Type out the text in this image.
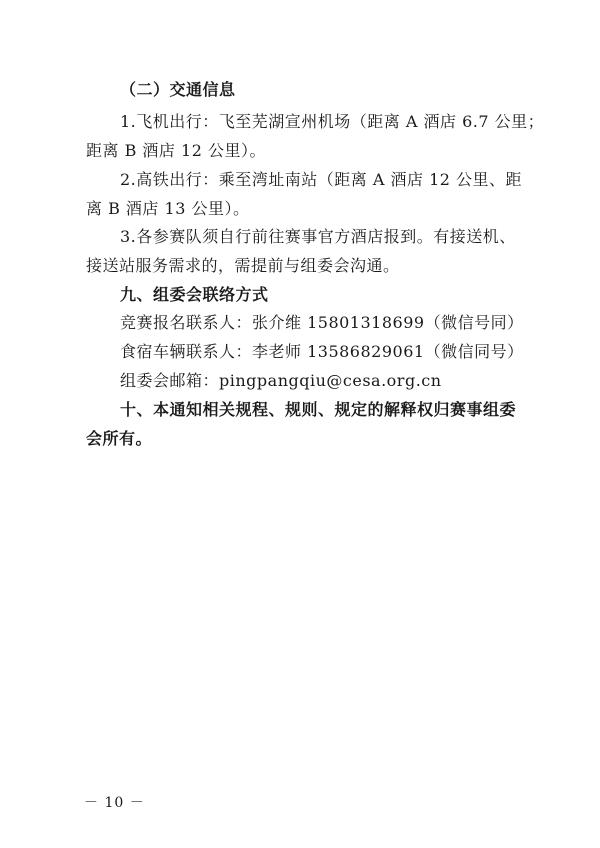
（二）交通信息
1.飞机出行：飞至芜湖宣州机场（距离 A 酒店 6.7 公里；
距离 B 酒店 12 公里）。
2.高铁出行：乘至湾址南站（距离 A 酒店 12 公里、距
离 B 酒店 13 公里）。
3.各参赛队须自行前往赛事官方酒店报到。有接送机、
接送站服务需求的，需提前与组委会沟通。
九、组委会联络方式
竞赛报名联系人：张介维 15801318699（微信号同）
食宿车辆联系人：李老师 13586829061（微信同号）
组委会邮箱：pingpangqiu@cesa.org.cn
十、本通知相关规程、规则、规定的解释权归赛事组委
会所有。
－ 10 －
